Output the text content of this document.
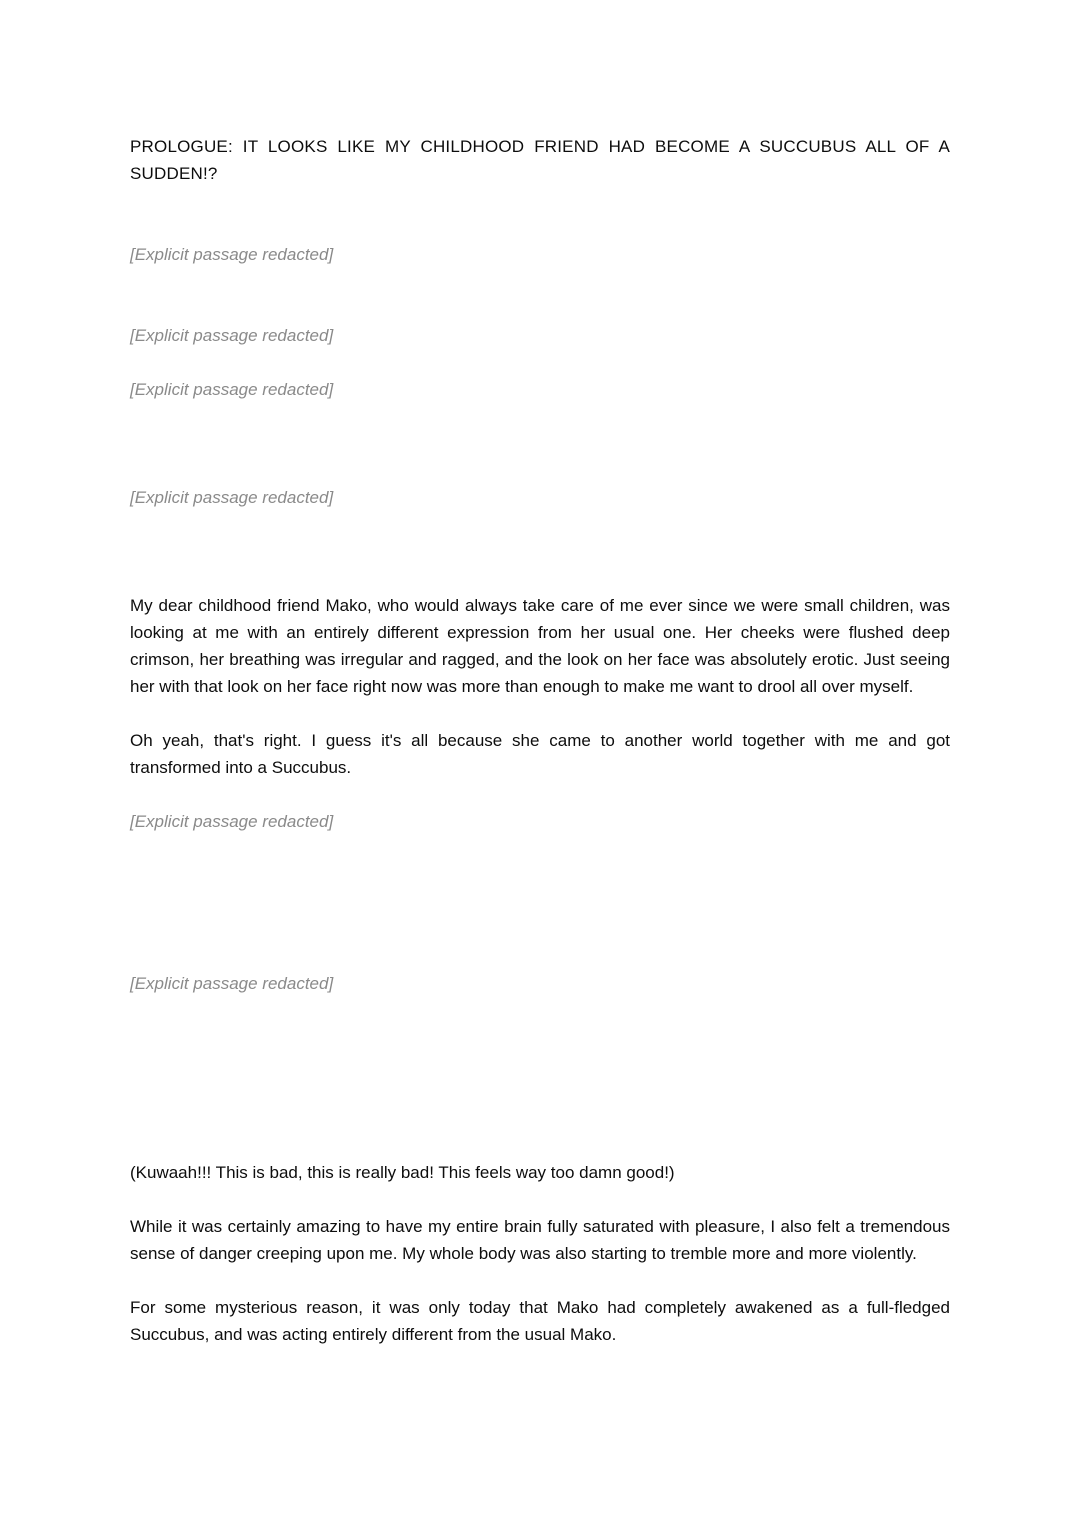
PROLOGUE: IT LOOKS LIKE MY CHILDHOOD FRIEND HAD BECOME A SUCCUBUS ALL OF A SUDDEN!?

[Explicit passage redacted]

[Explicit passage redacted]

[Explicit passage redacted]

[Explicit passage redacted]

My dear childhood friend Mako, who would always take care of me ever since we were small children, was looking at me with an entirely different expression from her usual one. Her cheeks were flushed deep crimson, her breathing was irregular and ragged, and the look on her face was absolutely erotic. Just seeing her with that look on her face right now was more than enough to make me want to drool all over myself.

Oh yeah, that's right. I guess it's all because she came to another world together with me and got transformed into a Succubus.

[Explicit passage redacted]

[Explicit passage redacted]

(Kuwaah!!! This is bad, this is really bad! This feels way too damn good!)

While it was certainly amazing to have my entire brain fully saturated with pleasure, I also felt a tremendous sense of danger creeping upon me. My whole body was also starting to tremble more and more violently.

For some mysterious reason, it was only today that Mako had completely awakened as a full-fledged Succubus, and was acting entirely different from the usual Mako.
